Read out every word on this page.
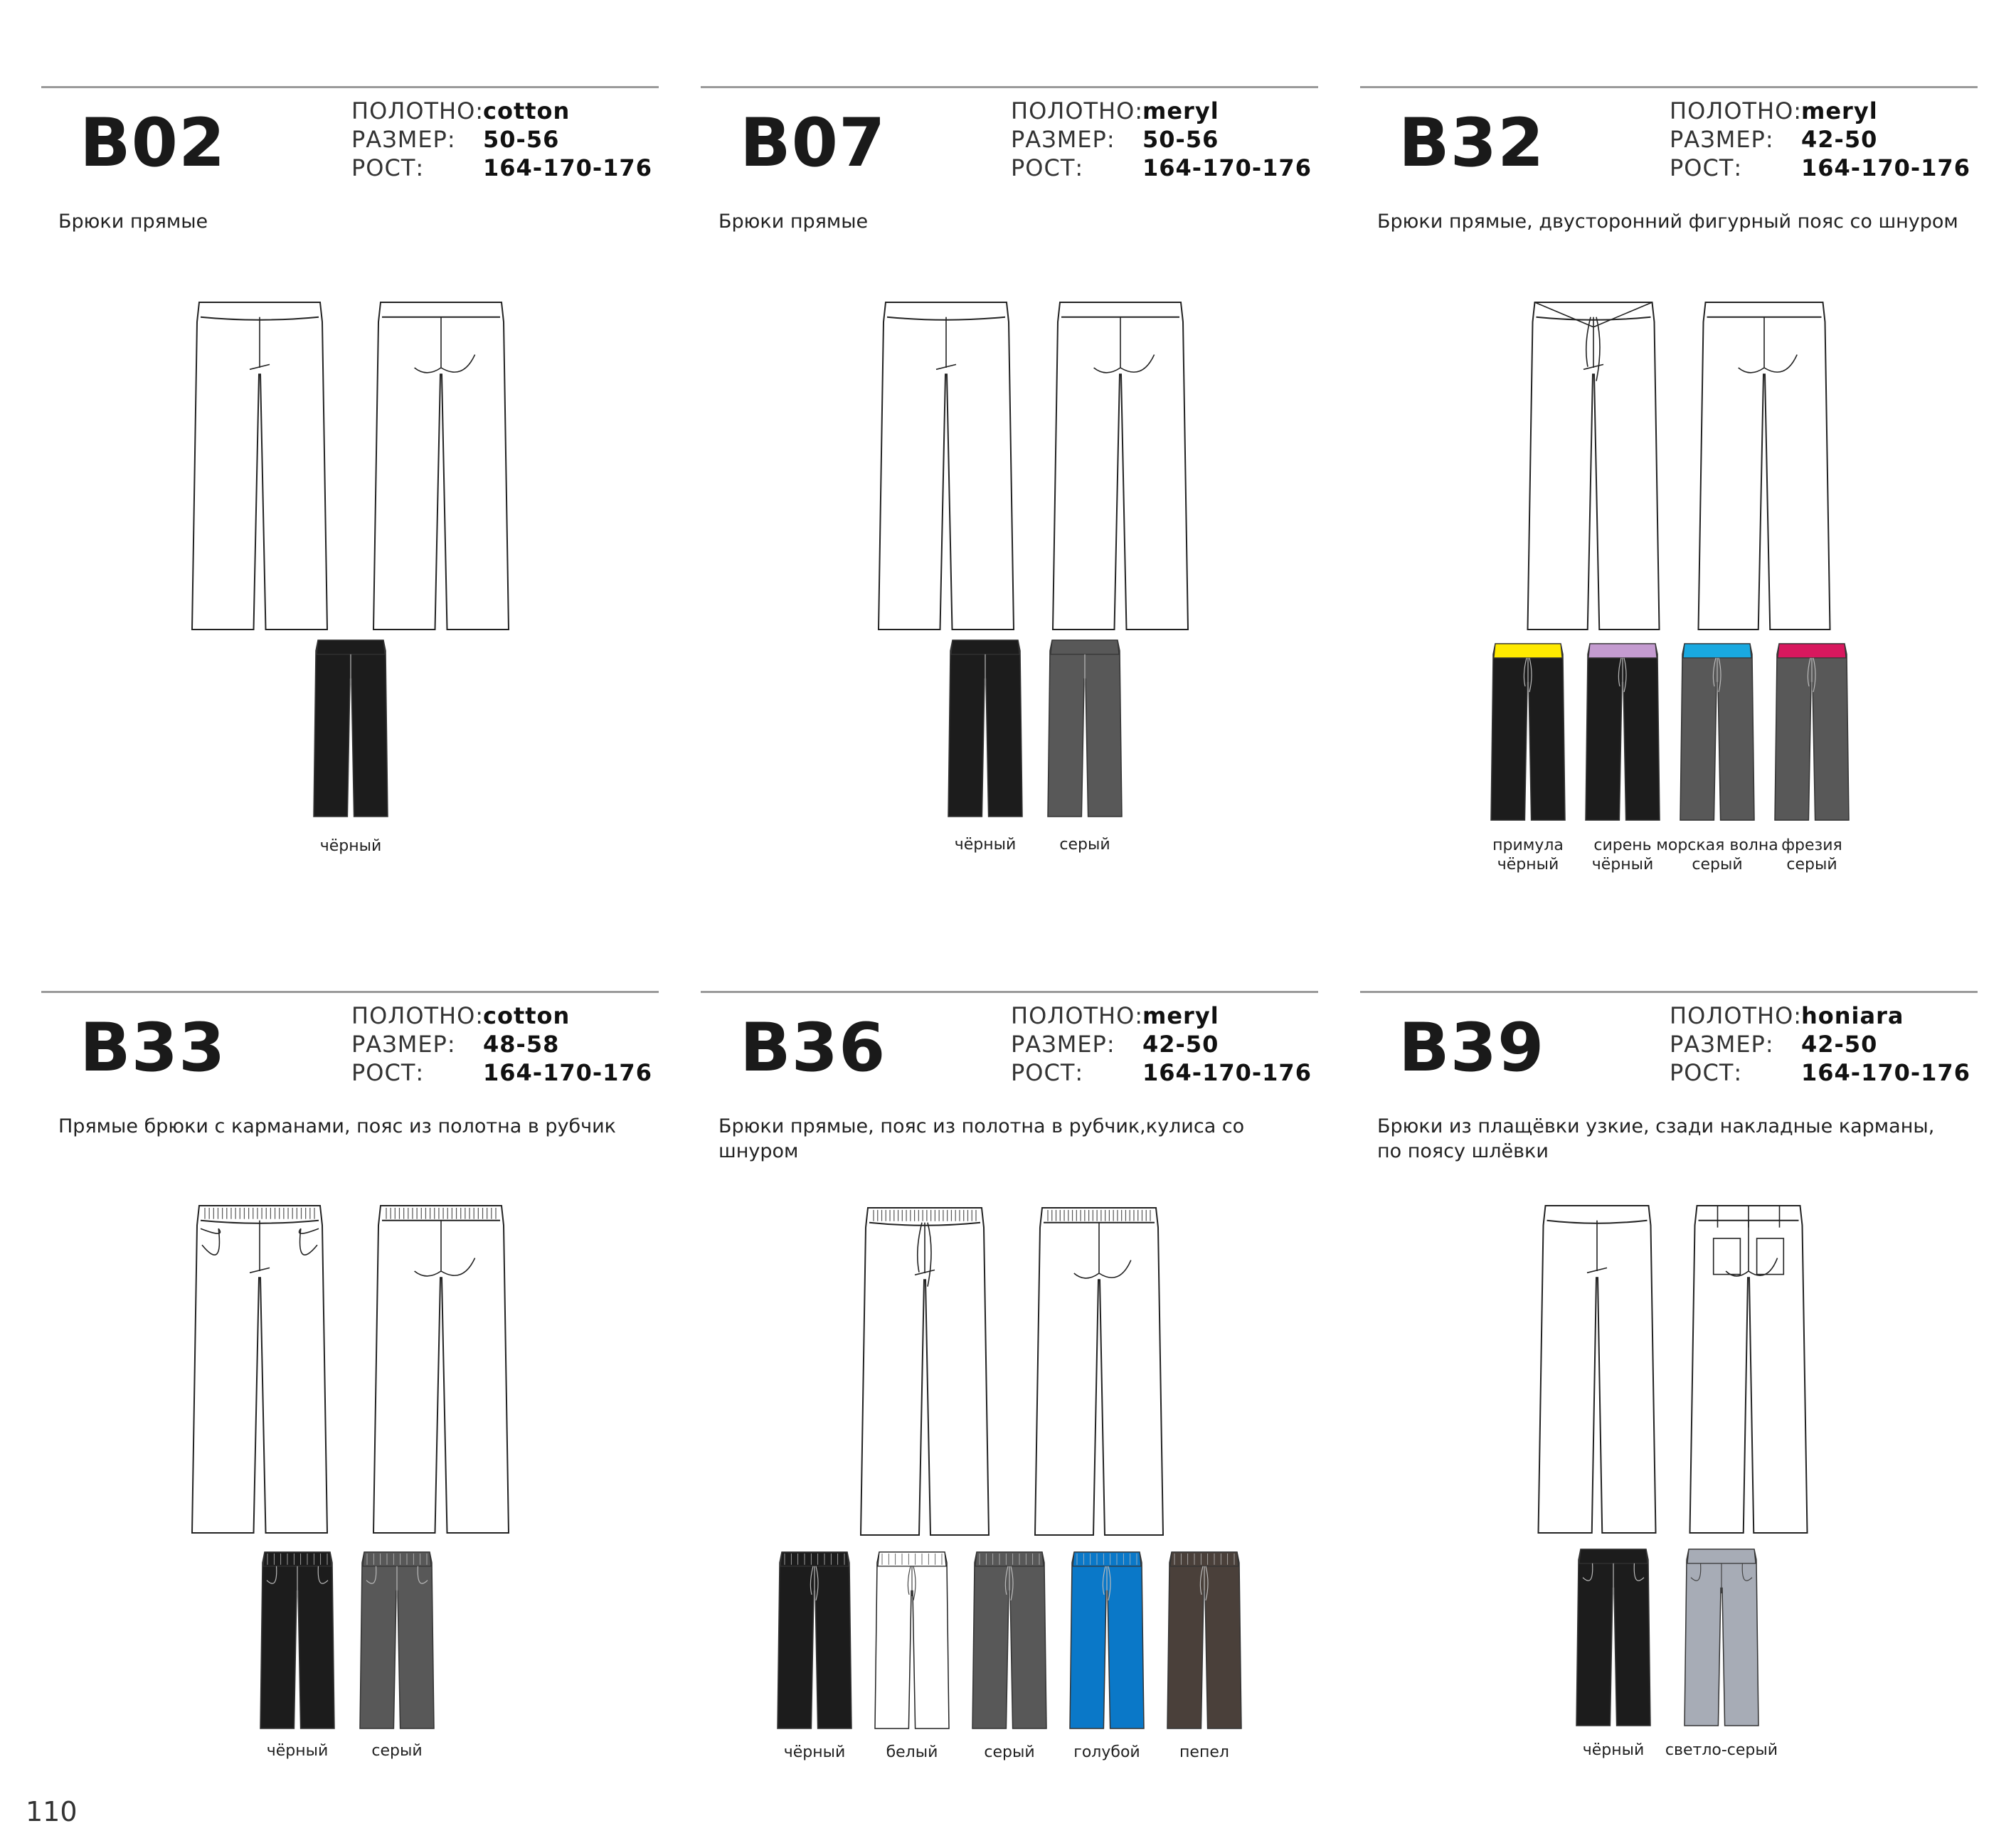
B02	ПОЛОТНО:cotton
РАЗМЕР: 50-56
РОСТ:	164-170-176
Брюки прямые
B07	ПОЛОТНО:meryl
РАЗМЕР: 50-56
РОСТ:	164-170-176
Брюки прямые
B32	ПОЛОТНО:meryl
РАЗМЕР: 42-50
РОСТ:	164-170-176
Брюки прямые, двусторонний фигурный пояс со шнуром
B33	ПОЛОТНО:cotton
РАЗМЕР: 48-58
РОСТ:	164-170-176
Прямые брюки с карманами, пояс из полотна в рубчик
B36	ПОЛОТНО:meryl
РАЗМЕР: 42-50
РОСТ:	164-170-176
Брюки прямые, пояс из полотна в рубчик,кулиса со шнуром
B39	ПОЛОТНО:honiara
РАЗМЕР: 42-50
РОСТ:	164-170-176
Брюки из плащёвки узкие, сзади накладные карманы, по поясу шлёвки
чёрный	чёрный	серый	примула
чёрный
сирень
чёрный
морская волна
серый
фрезия
серый
чёрный	серый	чёрный	белый	серый	голубой	пепел	чёрный	светло-серый
110
